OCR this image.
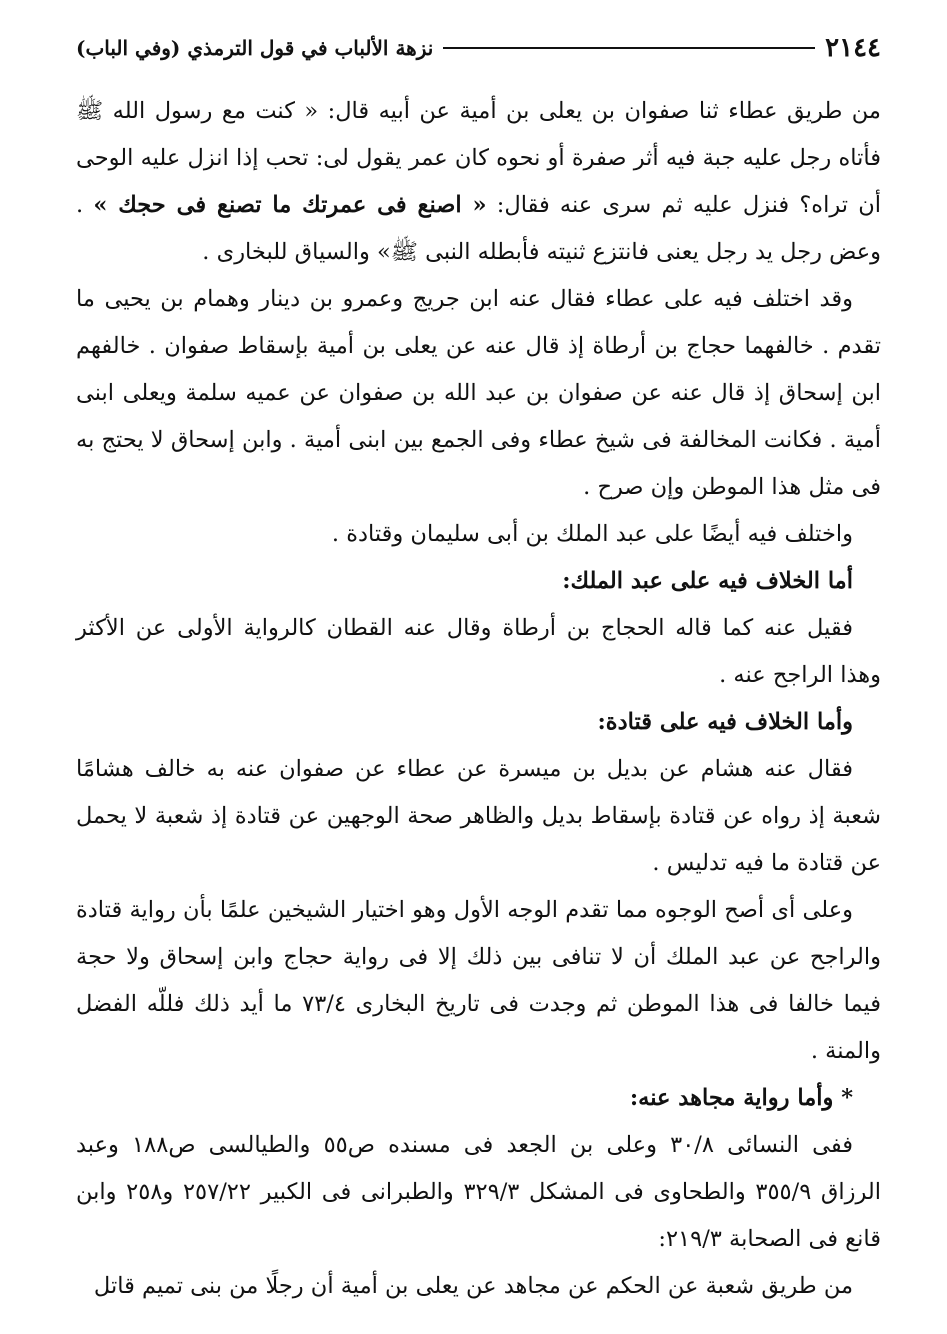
٢١٤٤
نزهة الألباب في قول الترمذي (وفي الباب)

من طريق عطاء ثنا صفوان بن يعلى بن أمية عن أبيه قال: « كنت مع رسول الله ﷺ فأتاه رجل عليه جبة فيه أثر صفرة أو نحوه كان عمر يقول لى: تحب إذا انزل عليه الوحى أن تراه؟ فنزل عليه ثم سرى عنه فقال: « اصنع فى عمرتك ما تصنع فى حجك » . وعض رجل يد رجل يعنى فانتزع ثنيته فأبطله النبى ﷺ» والسياق للبخارى .

وقد اختلف فيه على عطاء فقال عنه ابن جريج وعمرو بن دينار وهمام بن يحيى ما تقدم . خالفهما حجاج بن أرطاة إذ قال عنه عن يعلى بن أمية بإسقاط صفوان . خالفهم ابن إسحاق إذ قال عنه عن صفوان بن عبد الله بن صفوان عن عميه سلمة ويعلى ابنى أمية . فكانت المخالفة فى شيخ عطاء وفى الجمع بين ابنى أمية . وابن إسحاق لا يحتج به فى مثل هذا الموطن وإن صرح .

واختلف فيه أيضًا على عبد الملك بن أبى سليمان وقتادة .

أما الخلاف فيه على عبد الملك:

فقيل عنه كما قاله الحجاج بن أرطاة وقال عنه القطان كالرواية الأولى عن الأكثر وهذا الراجح عنه .

وأما الخلاف فيه على قتادة:

فقال عنه هشام عن بديل بن ميسرة عن عطاء عن صفوان عنه به خالف هشامًا شعبة إذ رواه عن قتادة بإسقاط بديل والظاهر صحة الوجهين عن قتادة إذ شعبة لا يحمل عن قتادة ما فيه تدليس .

وعلى أى أصح الوجوه مما تقدم الوجه الأول وهو اختيار الشيخين علمًا بأن رواية قتادة والراجح عن عبد الملك أن لا تنافى بين ذلك إلا فى رواية حجاج وابن إسحاق ولا حجة فيما خالفا فى هذا الموطن ثم وجدت فى تاريخ البخارى ٧٣/٤ ما أيد ذلك فللّه الفضل والمنة .

* وأما رواية مجاهد عنه:

ففى النسائى ٣٠/٨ وعلى بن الجعد فى مسنده ص٥٥ والطيالسى ص١٨٨ وعبد الرزاق ٣٥٥/٩ والطحاوى فى المشكل ٣٢٩/٣ والطبرانى فى الكبير ٢٥٧/٢٢ و٢٥٨ وابن قانع فى الصحابة ٢١٩/٣:

من طريق شعبة عن الحكم عن مجاهد عن يعلى بن أمية أن رجلًا من بنى تميم قاتل
